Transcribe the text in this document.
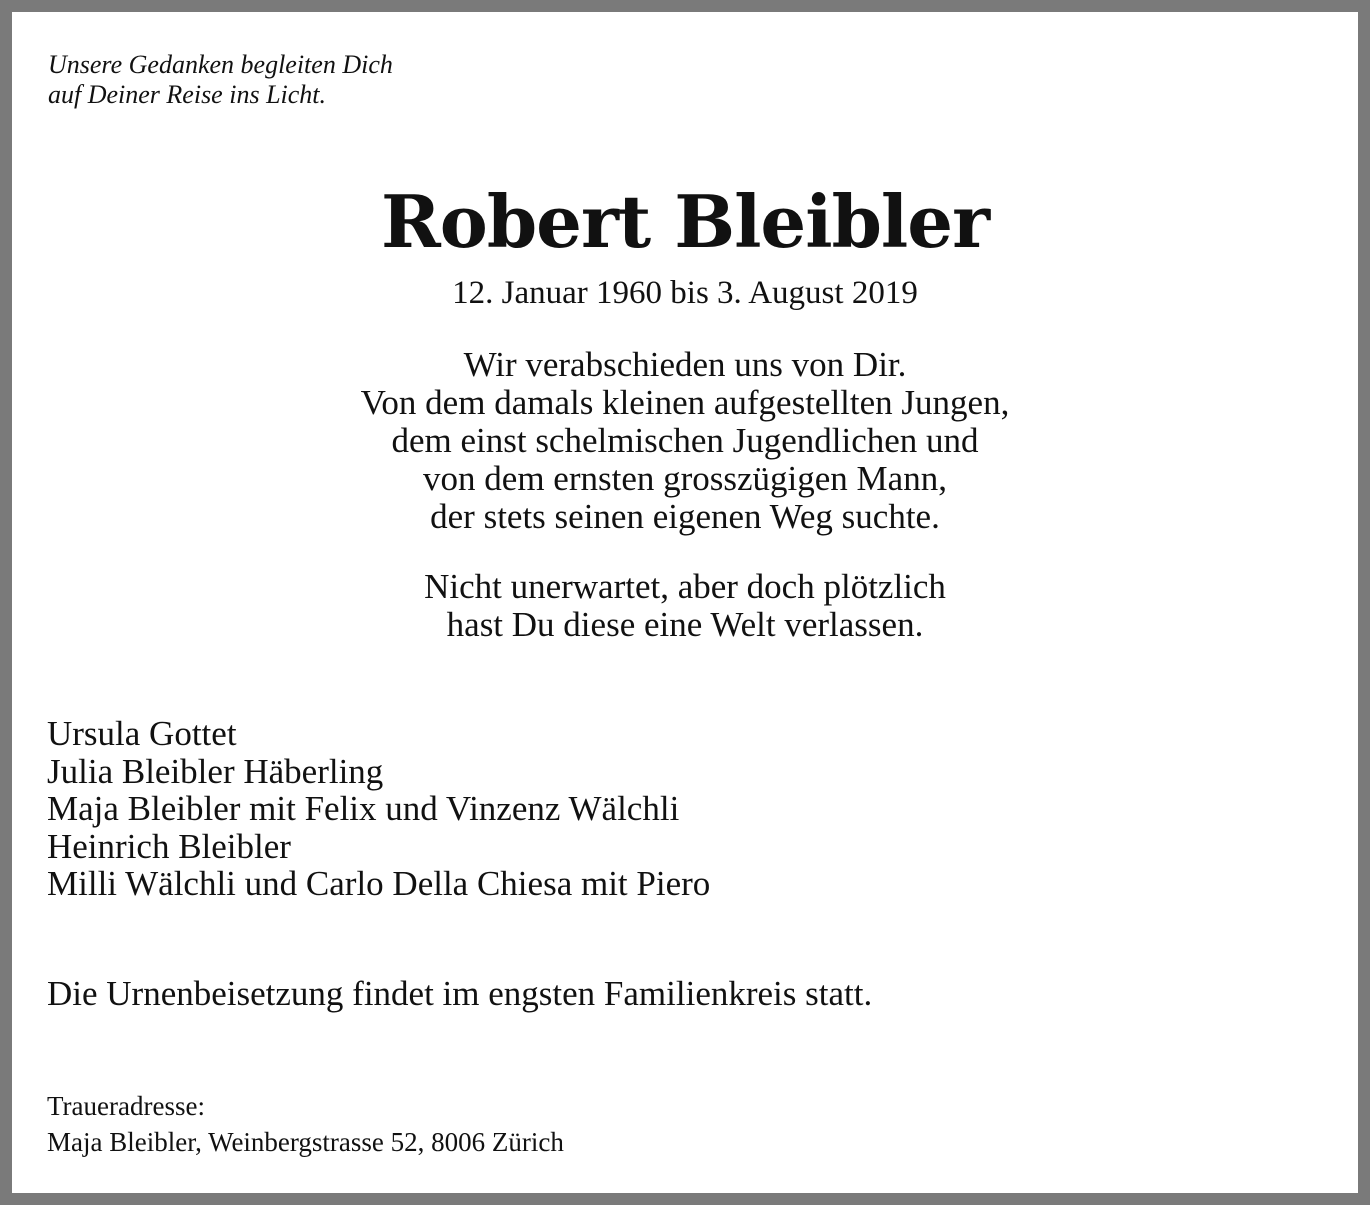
Unsere Gedanken begleiten Dich
auf Deiner Reise ins Licht.

Robert Bleibler

12. Januar 1960 bis 3. August 2019

Wir verabschieden uns von Dir.
Von dem damals kleinen aufgestellten Jungen,
dem einst schelmischen Jugendlichen und
von dem ernsten grosszügigen Mann,
der stets seinen eigenen Weg suchte.

Nicht unerwartet, aber doch plötzlich
hast Du diese eine Welt verlassen.

Ursula Gottet
Julia Bleibler Häberling
Maja Bleibler mit Felix und Vinzenz Wälchli
Heinrich Bleibler
Milli Wälchli und Carlo Della Chiesa mit Piero

Die Urnenbeisetzung findet im engsten Familienkreis statt.

Traueradresse:
Maja Bleibler, Weinbergstrasse 52, 8006 Zürich
